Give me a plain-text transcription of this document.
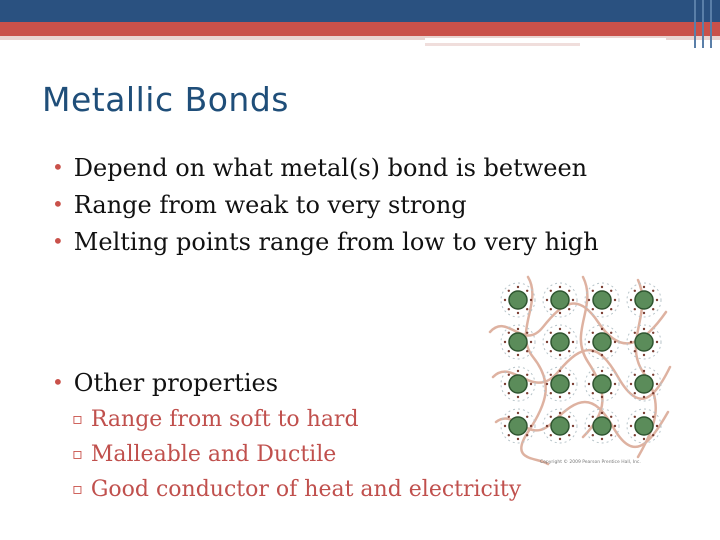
Metallic Bonds
• Depend on what metal(s) bond is between
• Range from weak to very strong
• Melting points range from low to very high
• Other properties
▫ Range from soft to hard
▫ Malleable and Ductile
▫ Good conductor of heat and electricity
Copyright © 2009 Pearson Prentice Hall, Inc.
